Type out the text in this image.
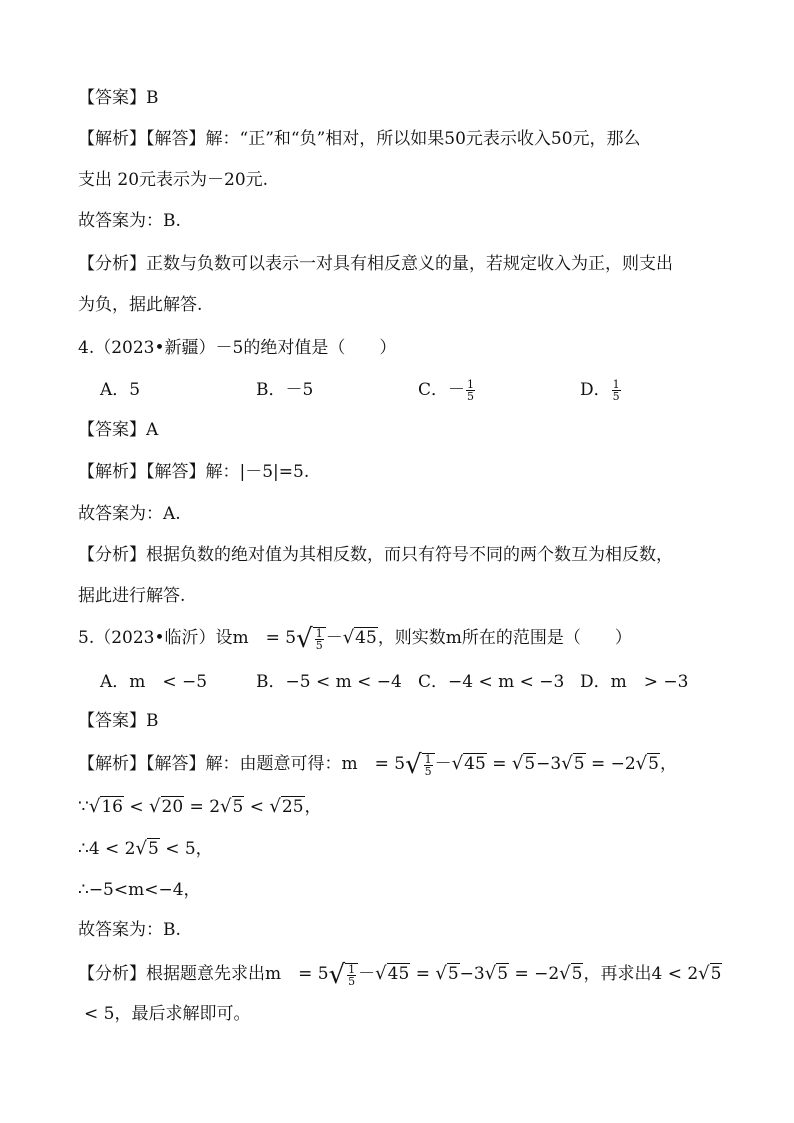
【答案】B
【解析】【解答】解：“正”和“负”相对，所以如果50元表示收入50元，那么
支出 20元表示为－20元.
故答案为：B.
【分析】正数与负数可以表示一对具有相反意义的量，若规定收入为正，则支出
为负，据此解答.
4.（2023•新疆）－5的绝对值是（　　）
A．5	B．－5	C．－ $\frac{1}{5}$	D． $\frac{1}{5}$
【答案】A
【解析】【解答】解：|－5|=5.
故答案为：A.
【分析】根据负数的绝对值为其相反数，而只有符号不同的两个数互为相反数，
据此进行解答.
5.（2023•临沂）设m　= $5√ \frac{1}{5} -√45$，则实数m所在的范围是（　　）
A．m　< −5	B．−5 < m < −4 C．−4 < m < −3 D．m　> −3
【答案】B
【解析】【解答】解：由题意可得：m　= $5√ \frac{1}{5} -√45 = √5-3√5 = -2√5$，
∵√16 < √20 = 2√5 < √25，
∴4 < 2√5 < 5，
∴−5<m<−4，
故答案为：B.
【分析】根据题意先求出m　= $5√ \frac{1}{5} -√45 = √5-3√5 = -2√5$，再求出4 < 2√5
< 5，最后求解即可。
